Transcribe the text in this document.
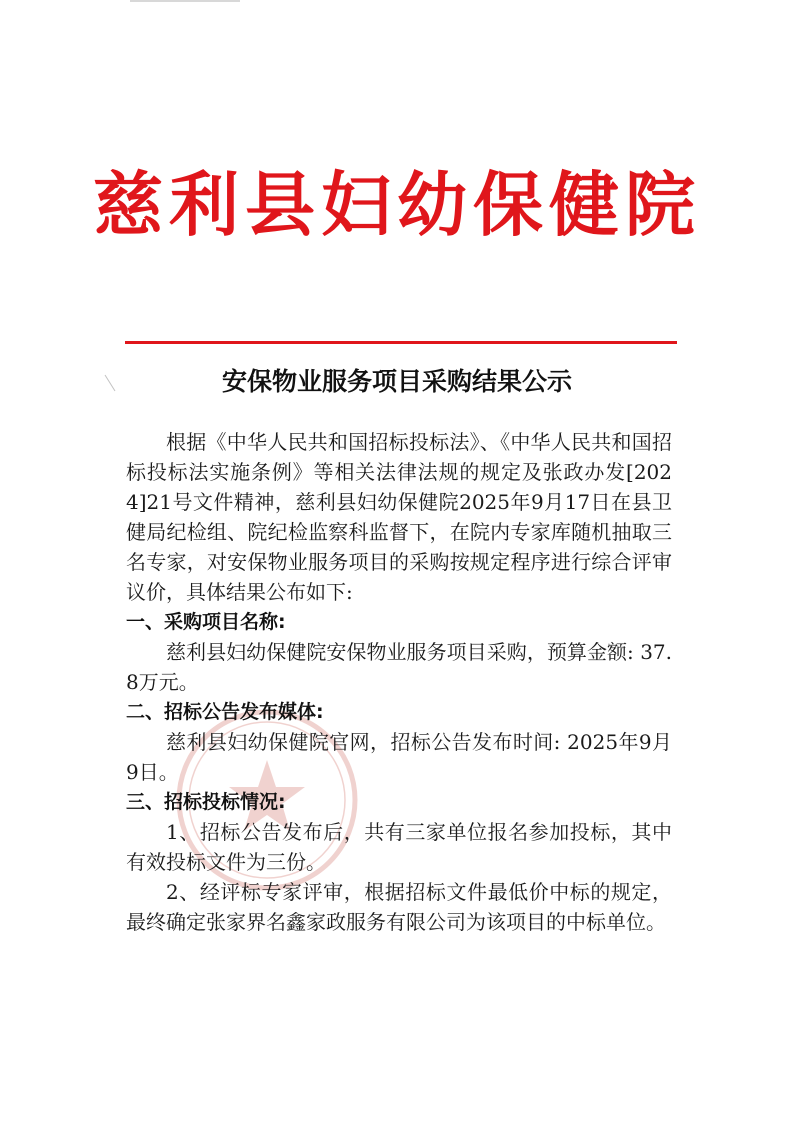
慈利县妇幼保健院
安保物业服务项目采购结果公示

根据《中华人民共和国招标投标法》、《中华人民共和国招标投标法实施条例》等相关法律法规的规定及张政办发[2024]21号文件精神，慈利县妇幼保健院2025年9月17日在县卫健局纪检组、院纪检监察科监督下，在院内专家库随机抽取三名专家，对安保物业服务项目的采购按规定程序进行综合评审议价，具体结果公布如下:

一、采购项目名称:

慈利县妇幼保健院安保物业服务项目采购，预算金额: 37.8万元。

二、招标公告发布媒体:

慈利县妇幼保健院官网，招标公告发布时间: 2025年9月9日。

三、招标投标情况:

1、招标公告发布后，共有三家单位报名参加投标，其中有效投标文件为三份。

2、经评标专家评审，根据招标文件最低价中标的规定，最终确定张家界名鑫家政服务有限公司为该项目的中标单位。
